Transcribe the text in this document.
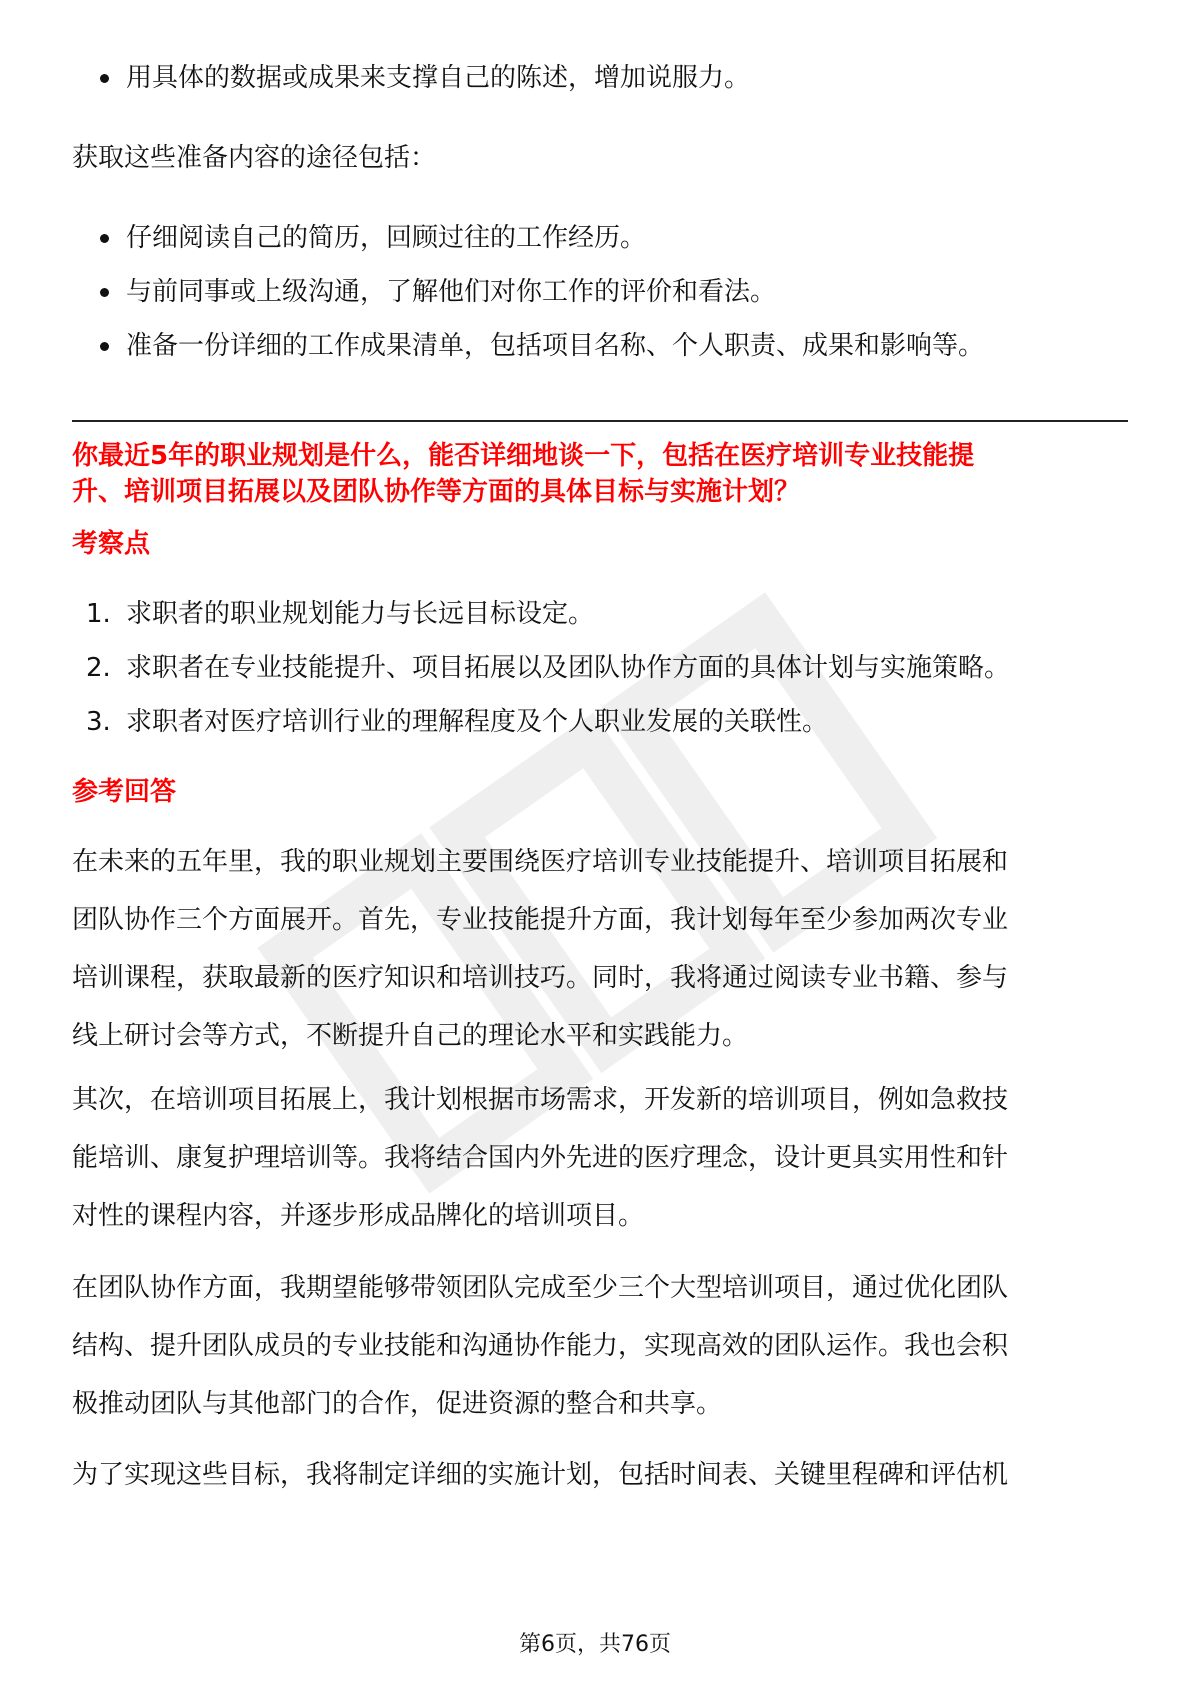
用具体的数据或成果来支撑自己的陈述，增加说服力。

获取这些准备内容的途径包括：

仔细阅读自己的简历，回顾过往的工作经历。
与前同事或上级沟通，了解他们对你工作的评价和看法。
准备一份详细的工作成果清单，包括项目名称、个人职责、成果和影响等。

你最近5年的职业规划是什么，能否详细地谈一下，包括在医疗培训专业技能提

升、培训项目拓展以及团队协作等方面的具体目标与实施计划？

考察点

1. 求职者的职业规划能力与长远目标设定。
2. 求职者在专业技能提升、项目拓展以及团队协作方面的具体计划与实施策略。
3. 求职者对医疗培训行业的理解程度及个人职业发展的关联性。

参考回答

在未来的五年里，我的职业规划主要围绕医疗培训专业技能提升、培训项目拓展和

团队协作三个方面展开。首先，专业技能提升方面，我计划每年至少参加两次专业

培训课程，获取最新的医疗知识和培训技巧。同时，我将通过阅读专业书籍、参与

线上研讨会等方式，不断提升自己的理论水平和实践能力。

其次，在培训项目拓展上，我计划根据市场需求，开发新的培训项目，例如急救技

能培训、康复护理培训等。我将结合国内外先进的医疗理念，设计更具实用性和针

对性的课程内容，并逐步形成品牌化的培训项目。

在团队协作方面，我期望能够带领团队完成至少三个大型培训项目，通过优化团队

结构、提升团队成员的专业技能和沟通协作能力，实现高效的团队运作。我也会积

极推动团队与其他部门的合作，促进资源的整合和共享。

为了实现这些目标，我将制定详细的实施计划，包括时间表、关键里程碑和评估机

第6页，共76页
